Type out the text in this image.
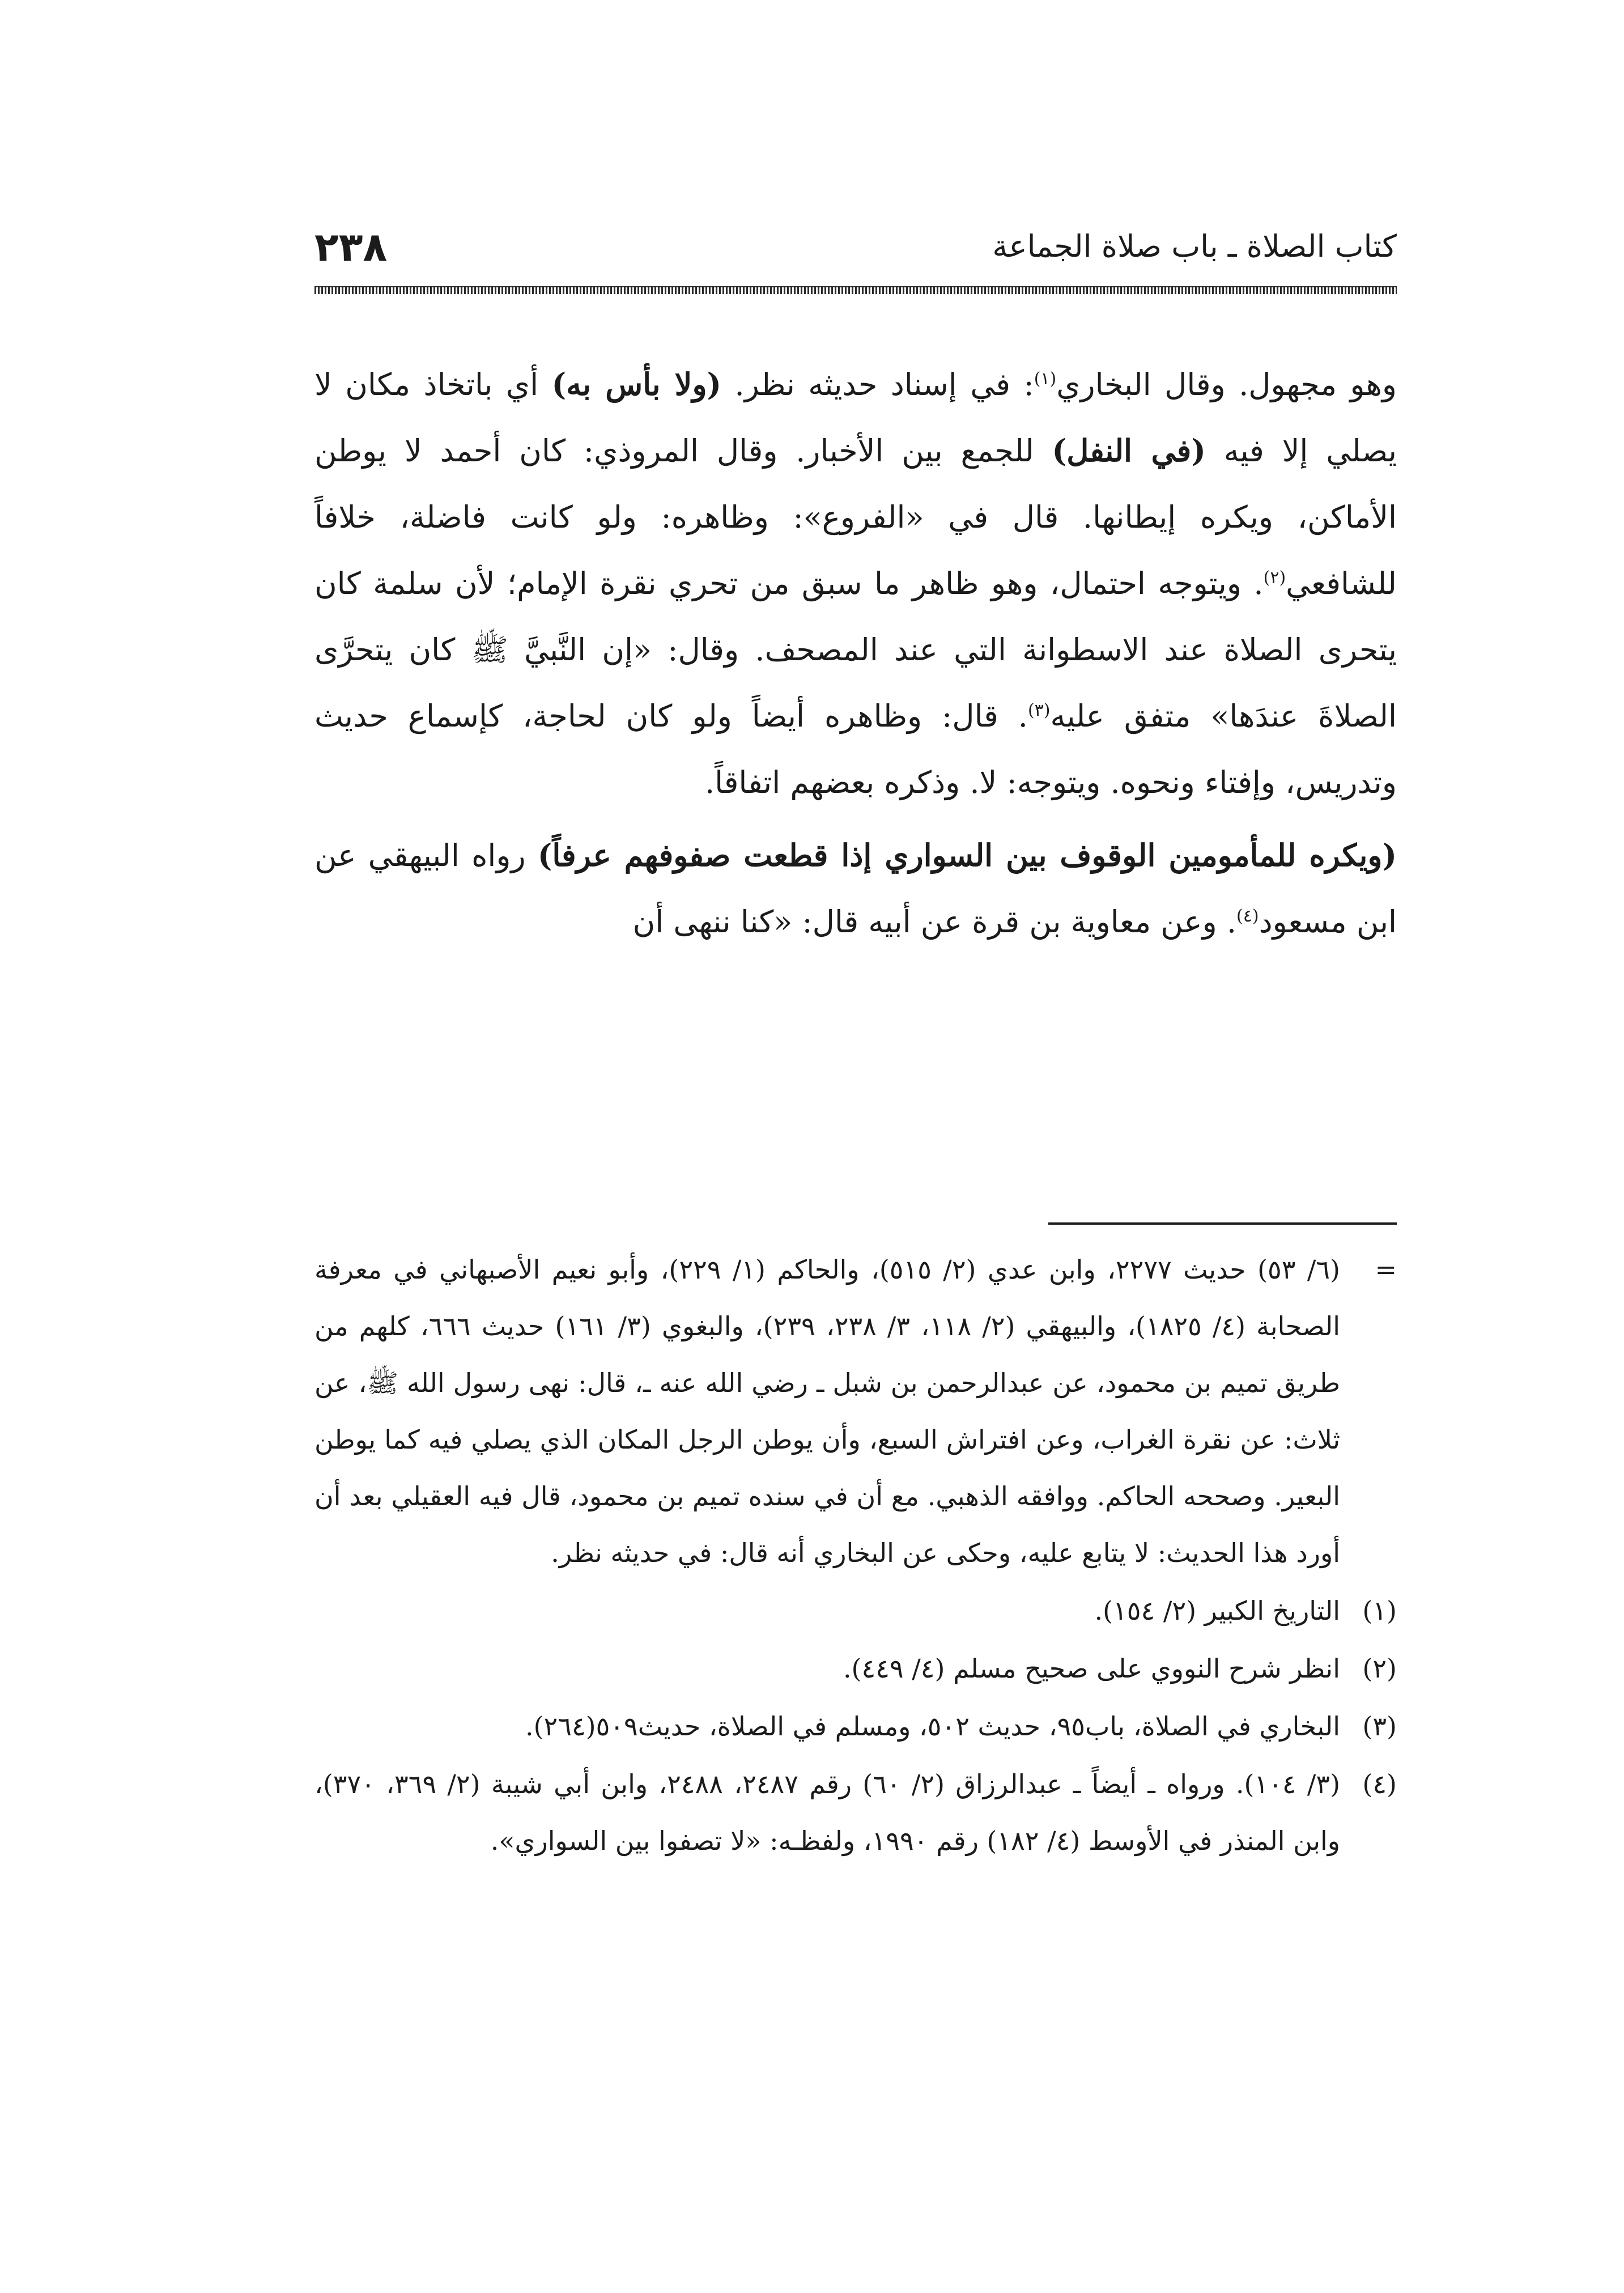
٢٣٨	كتاب الصلاة ـ باب صلاة الجماعة

وهو مجهول. وقال البخاري$^{(١)}$: في إسناد حديثه نظر. (ولا بأس به) أي باتخاذ مكان لا يصلي إلا فيه (في النفل) للجمع بين الأخبار. وقال المروذي: كان أحمد لا يوطن الأماكن، ويكره إيطانها. قال في «الفروع»: وظاهره: ولو كانت فاضلة، خلافاً للشافعي$^{(٢)}$. ويتوجه احتمال، وهو ظاهر ما سبق من تحري نقرة الإمام؛ لأن سلمة كان يتحرى الصلاة عند الاسطوانة التي عند المصحف. وقال: «إن النَّبيَّ ﷺ كان يتحرَّى الصلاةَ عندَها» متفق عليه$^{(٣)}$. قال: وظاهره أيضاً ولو كان لحاجة، كإسماع حديث وتدريس، وإفتاء ونحوه. ويتوجه: لا. وذكره بعضهم اتفاقاً.

(ويكره للمأمومين الوقوف بين السواري إذا قطعت صفوفهم عرفاً) رواه البيهقي عن ابن مسعود$^{(٤)}$. وعن معاوية بن قرة عن أبيه قال: «كنا ننهى أن

=
(٦/ ٥٣) حديث ٢٢٧٧، وابن عدي (٢/ ٥١٥)، والحاكم (١/ ٢٢٩)، وأبو نعيم الأصبهاني في معرفة الصحابة (٤/ ١٨٢٥)، والبيهقي (٢/ ١١٨، ٣/ ٢٣٨، ٢٣٩)، والبغوي (٣/ ١٦١) حديث ٦٦٦، كلهم من طريق تميم بن محمود، عن عبدالرحمن بن شبل ـ رضي الله عنه ـ، قال: نهى رسول الله ﷺ، عن ثلاث: عن نقرة الغراب، وعن افتراش السبع، وأن يوطن الرجل المكان الذي يصلي فيه كما يوطن البعير. وصححه الحاكم. ووافقه الذهبي. مع أن في سنده تميم بن محمود، قال فيه العقيلي بعد أن أورد هذا الحديث: لا يتابع عليه، وحكى عن البخاري أنه قال: في حديثه نظر.
(١)
التاريخ الكبير (٢/ ١٥٤).
(٢)
انظر شرح النووي على صحيح مسلم (٤/ ٤٤٩).
(٣)
البخاري في الصلاة، باب٩٥، حديث ٥٠٢، ومسلم في الصلاة، حديث٥٠٩(٢٦٤).
(٤)
(٣/ ١٠٤). ورواه ـ أيضاً ـ عبدالرزاق (٢/ ٦٠) رقم ٢٤٨٧، ٢٤٨٨، وابن أبي شيبة (٢/ ٣٦٩، ٣٧٠)، وابن المنذر في الأوسط (٤/ ١٨٢) رقم ١٩٩٠، ولفظـه: «لا تصفوا بين السواري».
